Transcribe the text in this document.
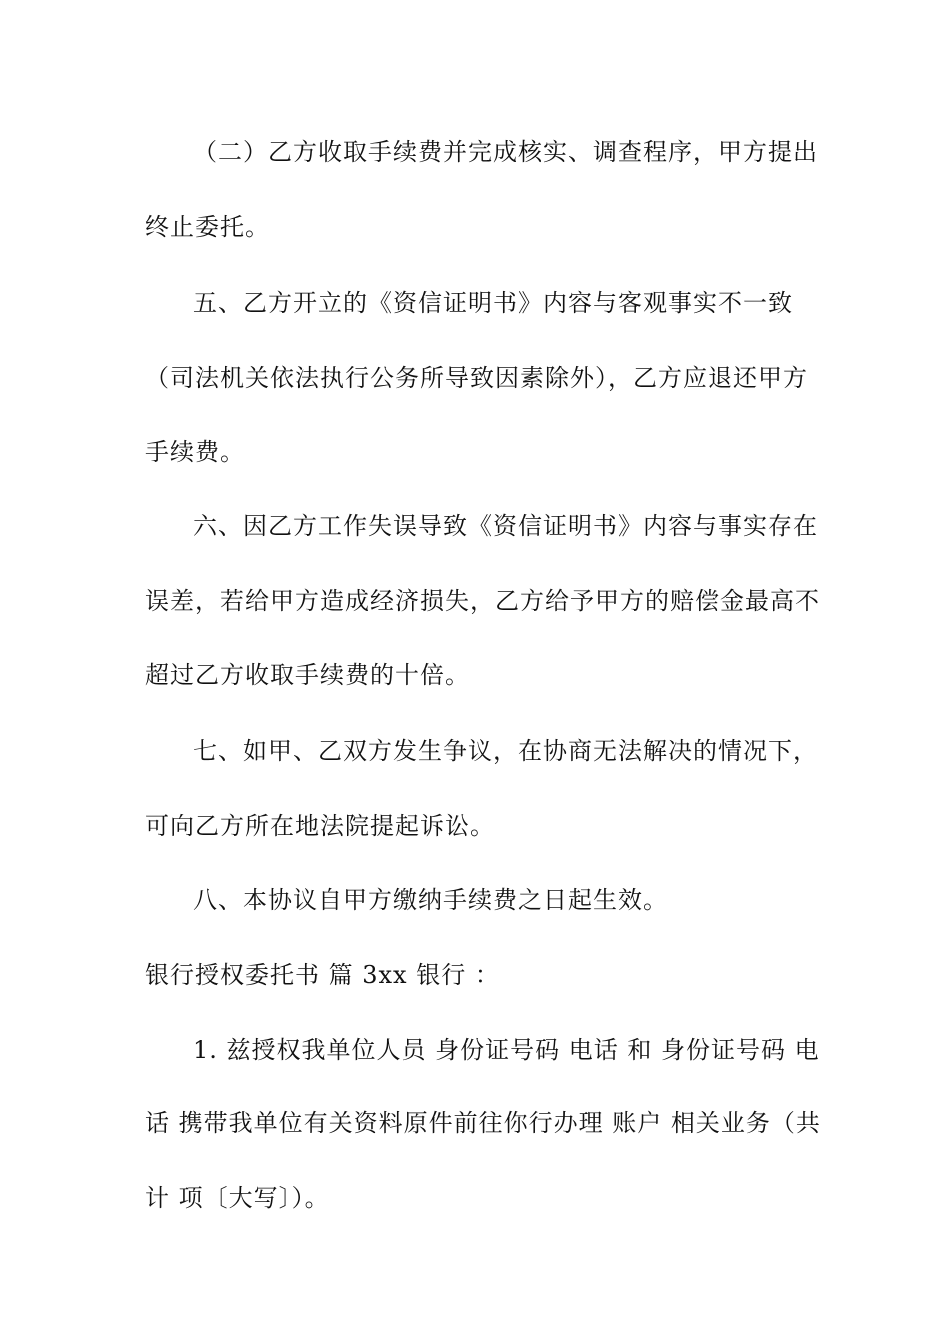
（二）乙方收取手续费并完成核实、调查程序，甲方提出
终止委托。
五、乙方开立的《资信证明书》内容与客观事实不一致
（司法机关依法执行公务所导致因素除外），乙方应退还甲方
手续费。
六、因乙方工作失误导致《资信证明书》内容与事实存在
误差，若给甲方造成经济损失，乙方给予甲方的赔偿金最高不
超过乙方收取手续费的十倍。
七、如甲、乙双方发生争议，在协商无法解决的情况下，
可向乙方所在地法院提起诉讼。
八、本协议自甲方缴纳手续费之日起生效。
银行授权委托书 篇 3xx 银行 ：
1. 兹授权我单位人员 身份证号码 电话 和 身份证号码 电
话 携带我单位有关资料原件前往你行办理 账户 相关业务（共
计 项〔大写〕）。
